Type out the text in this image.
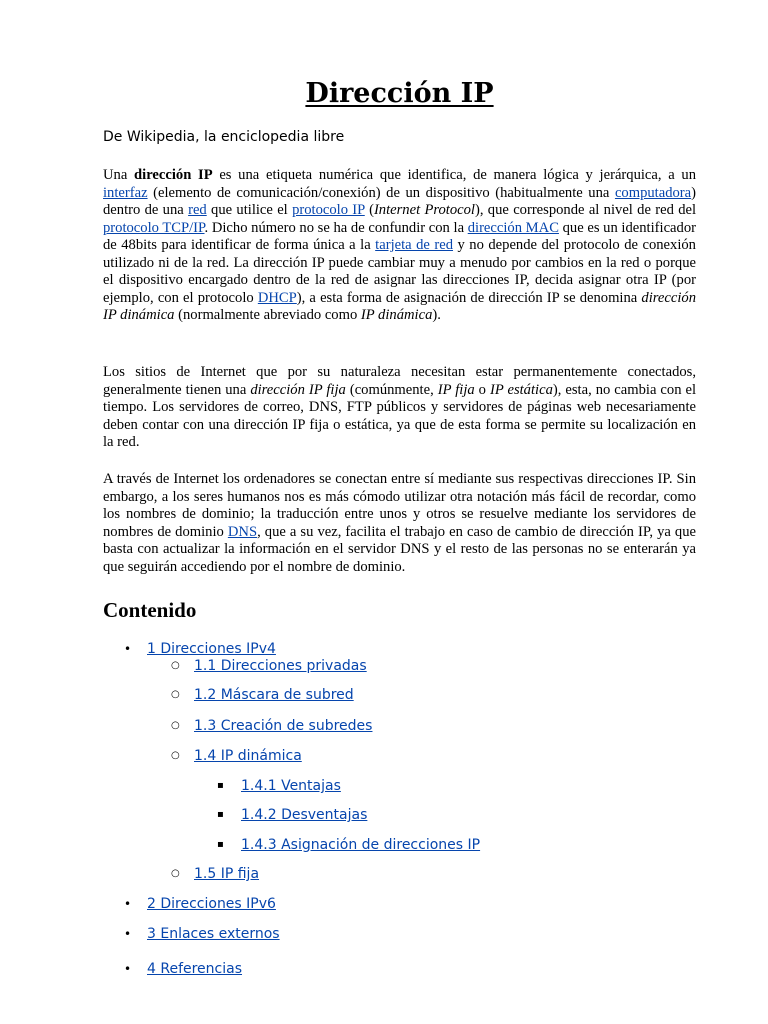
Dirección IP

De Wikipedia, la enciclopedia libre

Una dirección IP es una etiqueta numérica que identifica, de manera lógica y jerárquica, a un interfaz (elemento de comunicación/conexión) de un dispositivo (habitualmente una computadora) dentro de una red que utilice el protocolo IP (Internet Protocol), que corresponde al nivel de red del protocolo TCP/IP. Dicho número no se ha de confundir con la dirección MAC que es un identificador de 48bits para identificar de forma única a la tarjeta de red y no depende del protocolo de conexión utilizado ni de la red. La dirección IP puede cambiar muy a menudo por cambios en la red o porque el dispositivo encargado dentro de la red de asignar las direcciones IP, decida asignar otra IP (por ejemplo, con el protocolo DHCP), a esta forma de asignación de dirección IP se denomina dirección IP dinámica (normalmente abreviado como IP dinámica).

Los sitios de Internet que por su naturaleza necesitan estar permanentemente conectados, generalmente tienen una dirección IP fija (comúnmente, IP fija o IP estática), esta, no cambia con el tiempo. Los servidores de correo, DNS, FTP públicos y servidores de páginas web necesariamente deben contar con una dirección IP fija o estática, ya que de esta forma se permite su localización en la red.

A través de Internet los ordenadores se conectan entre sí mediante sus respectivas direcciones IP. Sin embargo, a los seres humanos nos es más cómodo utilizar otra notación más fácil de recordar, como los nombres de dominio; la traducción entre unos y otros se resuelve mediante los servidores de nombres de dominio DNS, que a su vez, facilita el trabajo en caso de cambio de dirección IP, ya que basta con actualizar la información en el servidor DNS y el resto de las personas no se enterarán ya que seguirán accediendo por el nombre de dominio.

Contenido
• 1 Direcciones IPv4
○ 1.1 Direcciones privadas
○ 1.2 Máscara de subred
○ 1.3 Creación de subredes
○ 1.4 IP dinámica
▪ 1.4.1 Ventajas
▪ 1.4.2 Desventajas
▪ 1.4.3 Asignación de direcciones IP
○ 1.5 IP fija
• 2 Direcciones IPv6
• 3 Enlaces externos
• 4 Referencias
